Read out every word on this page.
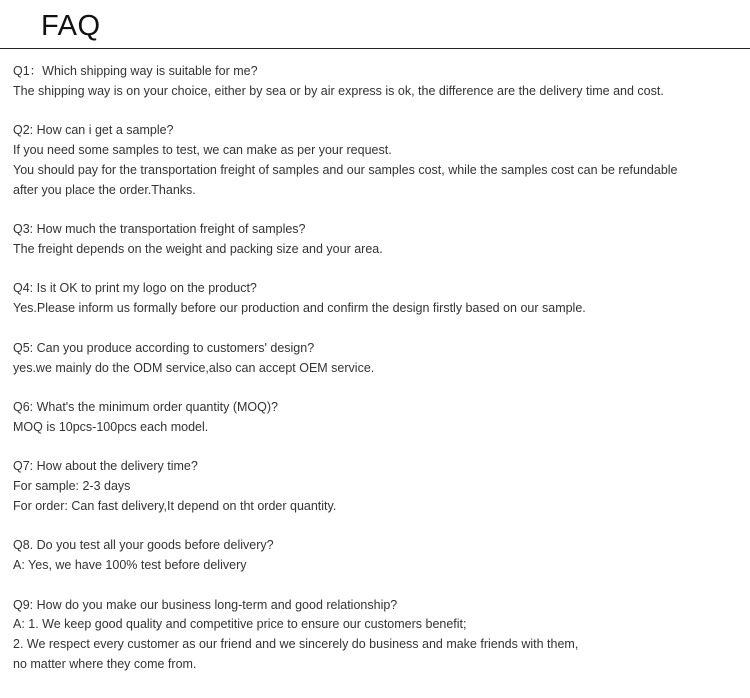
FAQ
Q1：Which shipping way is suitable for me?
The shipping way is on your choice, either by sea or by air express is ok, the difference are the delivery time and cost.
Q2: How can i get a sample?
If you need some samples to test, we can make as per your request.
You should pay for the transportation freight of samples and our samples cost, while the samples cost can be refundable
after you place the order.Thanks.
Q3: How much the transportation freight of samples?
The freight depends on the weight and packing size and your area.
Q4: Is it OK to print my logo on the product?
Yes.Please inform us formally before our production and confirm the design firstly based on our sample.
Q5: Can you produce according to customers' design?
yes.we mainly do the ODM service,also can accept OEM service.
Q6: What's the minimum order quantity (MOQ)?
MOQ is 10pcs-100pcs each model.
Q7: How about the delivery time?
For sample: 2-3 days
For order: Can fast delivery,It depend on tht order quantity.
Q8. Do you test all your goods before delivery?
A: Yes, we have 100% test before delivery
Q9: How do you make our business long-term and good relationship?
A: 1. We keep good quality and competitive price to ensure our customers benefit;
2. We respect every customer as our friend and we sincerely do business and make friends with them,
no matter where they come from.
